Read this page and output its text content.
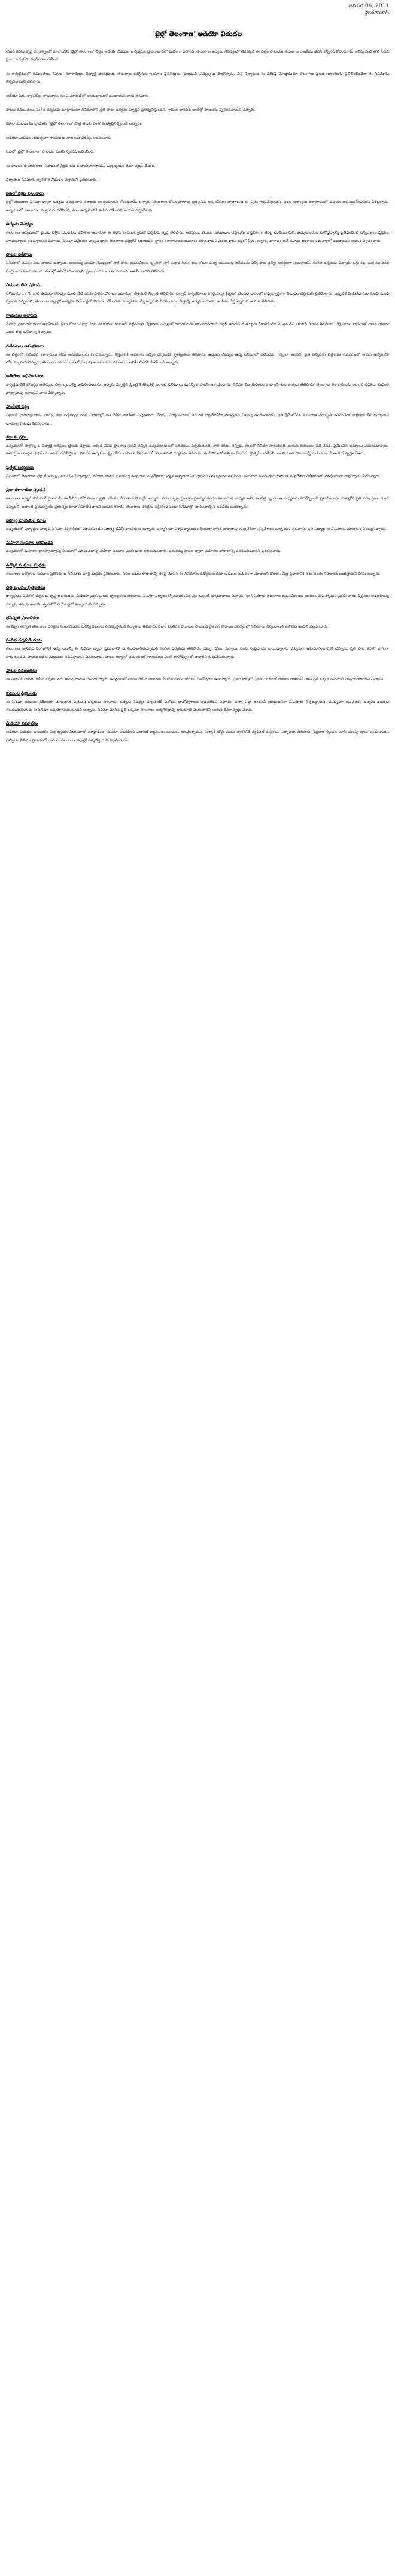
జనవరి 06, 2011
హైదరాబాద్
'జైల్లో తెలంగాణ' ఆడియో విడుదల
యువ కెరటం కృష్ణ దర్శకత్వంలో రూపొందిన 'జైల్లో తెలంగాణ' చిత్రం ఆడియో విడుదల కార్యక్రమం హైదరాబాద్‌లో ఘనంగా జరిగింది. తెలంగాణ ఉద్యమ నేపథ్యంలో తెరకెక్కిన ఈ చిత్రం పాటలను తెలంగాణ రాజకీయ జేఏసీ కన్వీనర్ కోదండరామ్ ఆవిష్కరించి తొలి సీడీని ప్రజా గాయకుడు గద్దర్‌కు అందజేశారు.
ఈ కార్యక్రమంలో రచయితలు, కవులు, కళాకారులు, విద్యార్థి నాయకులు, తెలంగాణ ఉద్యోగుల సంఘాల ప్రతినిధులు, పలువురు ఎమ్మెల్యేలు పాల్గొన్నారు. చిత్ర నిర్మాతలు ఈ వేదికపై మాట్లాడుతూ తెలంగాణ ప్రజల ఆకాంక్షలను ప్రతిబింబించేలా ఈ సినిమాను తీర్చిదిద్దామని తెలిపారు.
ఆడియో సీడీ, క్యాసెట్‌లు సోమవారం నుంచి మార్కెట్‌లో అందుబాటులో ఉంటాయని వారు తెలిపారు.
పాటల రచయితలు, సంగీత దర్శకుడు మాట్లాడుతూ సినిమాలోని ప్రతి పాటా ఉద్యమ స్ఫూర్తిని ప్రతిధ్వనిస్తుందని, గ్రామీణ జానపద బాణీల్లో పాటలను స్వరపరిచామని చెప్పారు.
కథానాయకుడు మాట్లాడుతూ 'జైల్లో తెలంగాణ' పాత్ర తనకు ఎంతో సంతృప్తినిచ్చిందని అన్నారు.
ఆడియో విడుదల సందర్భంగా గాయకులు పాటలను వేదికపై ఆలపించారు.
సభలో 'జైల్లో తెలంగాణ' పాటలకు మంచి స్పందన లభించింది.
ఈ పాటలు 'జై తెలంగాణ' నినాదంతో ప్రేక్షకులను ఉర్రూతలూగిస్తాయని చిత్ర బృందం ధీమా వ్యక్తం చేసింది.
నిర్మాతలు సినిమాను త్వరలోనే విడుదల చేస్తామని ప్రకటించారు.
సభలో వక్తల ప్రసంగాలు
జైల్లో తెలంగాణ సినిమా ద్వారా ఉద్యమ చరిత్ర భావి తరాలకు అందుతుందని కోదండరామ్ అన్నారు. తెలంగాణ కోసం ప్రాణాలు అర్పించిన అమరవీరుల త్యాగాలను ఈ చిత్రం గుర్తుచేస్తుందని, ప్రజల ఆకాంక్షను కళారూపంలో చెప్పడం అభినందనీయమని పేర్కొన్నారు. ఉద్యమంలో కళాకారుల పాత్ర మరువలేనిదని, పాట ఉద్యమానికి ఊపిరి పోసిందని ఆయన గుర్తుచేశారు.
ఉద్యమ నేపథ్యం
తెలంగాణ ఉద్యమంలో జైలుకు వెళ్లిన యువకుల జీవితాల ఆధారంగా ఈ కథను రాసుకున్నామని దర్శకుడు కృష్ణ తెలిపారు. అరెస్టులు, కేసులు, కుటుంబాల కష్టాలను వాస్తవికంగా తెరపై చూపించామని, ఉద్యమకారుల మనోధైర్యాన్ని ప్రతిబింబించే సన్నివేశాలు ప్రేక్షకుల హృదయాలను కదిలిస్తాయని చెప్పారు. సినిమా చిత్రీకరణ ఎక్కువ భాగం తెలంగాణ పల్లెల్లోనే జరిగిందని, స్థానిక కళాకారులకు అవకాశం కల్పించామని వివరించారు. కథలో ప్రేమ, త్యాగం, పోరాటం అనే మూడు అంశాలు సమపాళ్లలో ఉంటాయని ఆయన వెల్లడించారు.
పాటల విశేషాలు
సినిమాలో మొత్తం ఏడు పాటలు ఉన్నాయి. బతుకమ్మ పండుగ నేపథ్యంలో సాగే పాట, అమరవీరుల స్మృతిలో సాగే విషాద గీతం, జైలు గోడల మధ్య యువకుల ఆవేదనను చెప్పే పాట ప్రత్యేక ఆకర్షణగా నిలుస్తాయని సంగీత దర్శకుడు చెప్పారు. ఒగ్గు కథ, బుర్ర కథ వంటి సంప్రదాయ కళారూపాలను పాటల్లో ఉపయోగించామని, ప్రజా గాయకులు ఈ పాటలను ఆలపించారని తెలిపారు.
విడుదల తేదీ ప్రకటన
సినిమాను 1970 నాటి ఉద్యమ నేపథ్యం నుంచి నేటి వరకు సాగిన పోరాటం ఆధారంగా తీశామని నిర్మాత తెలిపారు. సెన్సార్ కార్యక్రమాలు పూర్తయ్యాక ఫిబ్రవరి మొదటి వారంలో రాష్ట్రవ్యాప్తంగా విడుదల చేస్తామని ప్రకటించారు. ఇప్పటికే పంపిణీదారుల నుంచి మంచి స్పందన వచ్చిందని, తెలంగాణ జిల్లాల్లో అత్యధిక థియేటర్లలో విడుదల చేసేందుకు సన్నాహాలు చేస్తున్నామని వివరించారు. చిత్రాన్ని ఉద్యమకారులకు అంకితం చేస్తున్నామని ఆయన తెలిపారు.
గాయకుల ఆలాపన
వేదికపై ప్రజా గాయకులు ఆలపించిన 'జైలు గోడల మధ్య' పాట సభికులను కంటతడి పెట్టించింది. ప్రేక్షకులు చప్పట్లతో గాయకులను అభినందించారు. గద్దర్ ఆలపించిన ఉద్యమ గీతానికి సభ మొత్తం లేచి నిలబడి గౌరవం తెలిపింది. పల్లె పదాల సొగసుతో సాగిన పాటలు సభకు కొత్త ఉత్తేజాన్ని తెచ్చాయి.
నటీనటుల అనుభవాలు
ఈ చిత్రంలో నటించిన కళాకారులు తమ అనుభవాలను పంచుకున్నారు. కొత్తవారికి అవకాశం ఇచ్చిన దర్శకుడికి కృతజ్ఞతలు తెలిపారు. ఉద్యమ నేపథ్యం ఉన్న సినిమాలో నటించడం గర్వంగా ఉందని, ప్రతి సన్నివేశం చిత్రీకరణ సమయంలో తాము ఉద్వేగానికి లోనయ్యామని చెప్పారు. తెలంగాణ యాస, భాషలో సంభాషణలు పలకడం సహజంగా అనిపించిందని హీరోయిన్ అన్నారు.
అతిథుల అభినందనలు
కార్యక్రమానికి హాజరైన అతిథులు చిత్ర బృందాన్ని అభినందించారు. ఉద్యమ స్ఫూర్తిని ప్రజల్లోకి తీసుకెళ్లే ఇలాంటి సినిమాలు మరిన్ని రావాలని ఆకాంక్షించారు. సినిమా విజయవంతం కావాలని శుభాకాంక్షలు తెలిపారు. తెలంగాణ కళాకారులకు ఇలాంటి వేదికలు మరింత ప్రోత్సాహాన్ని ఇస్తాయని వారు పేర్కొన్నారు.
సాంకేతిక వర్గం
చిత్రానికి ఛాయాగ్రహణం, కూర్పు, కళా దర్శకత్వం వంటి విభాగాల్లో పని చేసిన సాంకేతిక నిపుణులను వేదికపై సన్మానించారు. పరిమిత బడ్జెట్‌లోనూ నాణ్యమైన చిత్రాన్ని అందించామని, ప్రతి ఫ్రేమ్‌లోనూ తెలంగాణ సంస్కృతి కనిపించేలా జాగ్రత్తలు తీసుకున్నామని ఛాయాగ్రాహకుడు వివరించారు.
కథా సంగ్రహం
ఉద్యమంలో పాల్గొన్న ఓ విద్యార్థి అరెస్టయి జైలుకు వెళ్తాడు. అక్కడ వివిధ ప్రాంతాల నుంచి వచ్చిన ఉద్యమకారులతో పరిచయం ఏర్పడుతుంది. వారి కథలు, కన్నీళ్లు, కలలతో సినిమా సాగుతుంది. బయట కుటుంబం పడే వేదన, ప్రేమించిన అమ్మాయి ఎదురుచూపులు, ఊరి ప్రజల మద్దతు కథను ముందుకు నడిపిస్తాయి. చివరకు ఉద్యమ లక్ష్యం కోసం వారంతా ఏకమవడమే కథాంశమని దర్శకుడు తెలిపారు. ఈ సినిమాలో ఎక్కడా హింసను ప్రోత్సహించలేదని, శాంతియుత పోరాటాన్నే చూపించామని ఆయన స్పష్టం చేశారు.
ప్రత్యేక ఆకర్షణలు
సినిమాలో తెలంగాణ పల్లె జీవితాన్ని ప్రతిబింబించే దృశ్యాలు, బోనాల జాతర, బతుకమ్మ ఉత్సవాల సన్నివేశాలు ప్రత్యేక ఆకర్షణగా నిలుస్తాయని చిత్ర బృందం తెలిపింది. వందలాది మంది గ్రామస్తులు ఈ సన్నివేశాల చిత్రీకరణలో స్వచ్ఛందంగా పాల్గొన్నారని పేర్కొన్నారు.
ప్రజా కళాకారుల స్పందన
తెలంగాణ ఉద్యమానికి పాటే ప్రాణమని, ఈ సినిమాలోని పాటలు ప్రతి గడపకూ చేరుతాయని గద్దర్ అన్నారు. పాట ద్వారా ప్రజలను చైతన్యపరచడం కళాకారుల బాధ్యత అని, ఈ చిత్ర బృందం ఆ బాధ్యతను నెరవేర్చిందని ప్రశంసించారు. పాటల్లోని ప్రతి పదం ప్రజల గుండె చప్పుడని, ఇలాంటి ప్రయత్నాలకు ప్రభుత్వం కూడా సహకరించాలని ఆయన కోరారు. తెలంగాణ చరిత్రను వక్రీకరించకుండా సినిమాల్లో చూపించాల్సిన అవసరం ఉందన్నారు.
విద్యార్థి నాయకుల మాట
ఉద్యమంలో విద్యార్థుల పాత్రను సినిమా సరైన రీతిలో చూపించిందని విద్యార్థి జేఏసీ నాయకులు అన్నారు. ఉస్మానియా విశ్వవిద్యాలయం కేంద్రంగా సాగిన పోరాటాన్ని గుర్తుచేసేలా సన్నివేశాలు ఉన్నాయని తెలిపారు. ప్రతి విద్యార్థి ఈ సినిమాను చూడాలని పిలుపునిచ్చారు.
మహిళా సంఘాల అభినందన
ఉద్యమంలో మహిళల భాగస్వామ్యాన్ని సినిమాలో చూపించడాన్ని మహిళా సంఘాల ప్రతినిధులు అభినందించారు. బతుకమ్మ పాటల ద్వారా మహిళల పోరాటాన్ని ప్రతిబింబించారని ప్రశంసించారు.
ఉద్యోగ సంఘాల మద్దతు
తెలంగాణ ఉద్యోగుల సంఘాల ప్రతినిధులు సినిమాకు పూర్తి మద్దతు ప్రకటించారు. సకల జనుల పోరాటాన్ని తెరపై చూపిన ఈ సినిమాను ఉద్యోగులందరూ కుటుంబ సమేతంగా చూడాలని కోరారు. చిత్ర ప్రచారానికి తమ వంతు సహకారం అందిస్తామని హామీ ఇచ్చారు.
చిత్ర బృందం కృతజ్ఞతలు
కార్యక్రమం చివరలో దర్శకుడు కృష్ణ అతిథులకు, మీడియా ప్రతినిధులకు కృతజ్ఞతలు తెలిపారు. సినిమా నిర్మాణంలో సహకరించిన ప్రతి ఒక్కరికీ ధన్యవాదాలు చెప్పారు. ఈ సినిమాను తెలంగాణ అమరవీరులకు అంకితం చేస్తున్నామని ప్రకటించారు. ప్రేక్షకులు ఆదరిస్తారన్న నమ్మకం తమకు ఉందని, త్వరలోనే థియేటర్లలో కలుద్దామని చెప్పారు.
భవిష్యత్ ప్రణాళికలు
ఈ చిత్రం తర్వాత తెలంగాణ చరిత్రకు సంబంధించిన మరిన్ని కథలను తెరకెక్కిస్తామని నిర్మాతలు తెలిపారు. నిజాం వ్యతిరేక పోరాటం, సాయుధ రైతాంగ పోరాటం నేపథ్యంలో సినిమాలు నిర్మించాలనే ఆలోచన ఉందని వెల్లడించారు.
సంగీత దర్శకుడి మాట
తెలంగాణ జానపద సంగీతానికి ఉన్న బలాన్ని ఈ సినిమా ద్వారా ప్రపంచానికి చూపించాలనుకున్నామని సంగీత దర్శకుడు తెలిపారు. డప్పు, డోలు, సన్నాయి వంటి సంప్రదాయ వాయిద్యాలను ఎక్కువగా ఉపయోగించామని చెప్పారు. ప్రతి పాట కథలో భాగంగా సాగుతుందని, పాటలు కథను ముందుకు నడిపిస్తాయని వివరించారు. పాటల రికార్డింగ్ సమయంలో గాయకులు ఎంతో భావోద్వేగంతో పాడారని గుర్తుచేసుకున్నారు.
పాటల రచయితలు
ఈ చిత్రానికి పాటలు రాసిన కవులు తమ అనుభవాలను పంచుకున్నారు. ఉద్యమంలో తాము రాసిన పాటలకు సినిమా రూపం రావడం సంతోషంగా ఉందన్నారు. ప్రజల భాషలో, ప్రజల యాసలో పాటలు రాశామని, అవి ప్రతి ఒక్కరి మనసుకు హత్తుకుంటాయని చెప్పారు.
కుటుంబ ప్రేక్షకులకు
ఈ సినిమా కుటుంబ సమేతంగా చూడదగిన చిత్రమని దర్శకుడు తెలిపారు. ఉద్యమ నేపథ్యం ఉన్నప్పటికీ వినోదం, భావోద్వేగాలకు కొదవలేదని చెప్పారు. చిన్నా పెద్దా అందరినీ ఆకట్టుకునేలా సినిమాను తీర్చిదిద్దామని, ముఖ్యంగా యువతరం ఉద్యమ చరిత్రను తెలుసుకునేందుకు ఈ సినిమా ఉపయోగపడుతుందని అన్నారు. సినిమా చూసిన ప్రతి ఒక్కరూ తెలంగాణ ఆత్మగౌరవాన్ని అనుభూతి చెందుతారని ఆయన ధీమా వ్యక్తం చేశారు.
మీడియా సమావేశం
ఆడియో విడుదల అనంతరం చిత్ర బృందం మీడియాతో మాట్లాడింది. సినిమా విడుదలకు ఎలాంటి అడ్డంకులు ఉండవని ఆశిస్తున్నామని, సెన్సార్ బోర్డు నుంచి త్వరలోనే సర్టిఫికెట్ వస్తుందని నిర్మాతలు తెలిపారు. ప్రేక్షకుల స్పందన చూసి మరిన్ని షోలు పెంచుతామని చెప్పారు. సినిమా ప్రచారంలో భాగంగా తెలంగాణ జిల్లాల్లో పర్యటిస్తామని వెల్లడించారు.
